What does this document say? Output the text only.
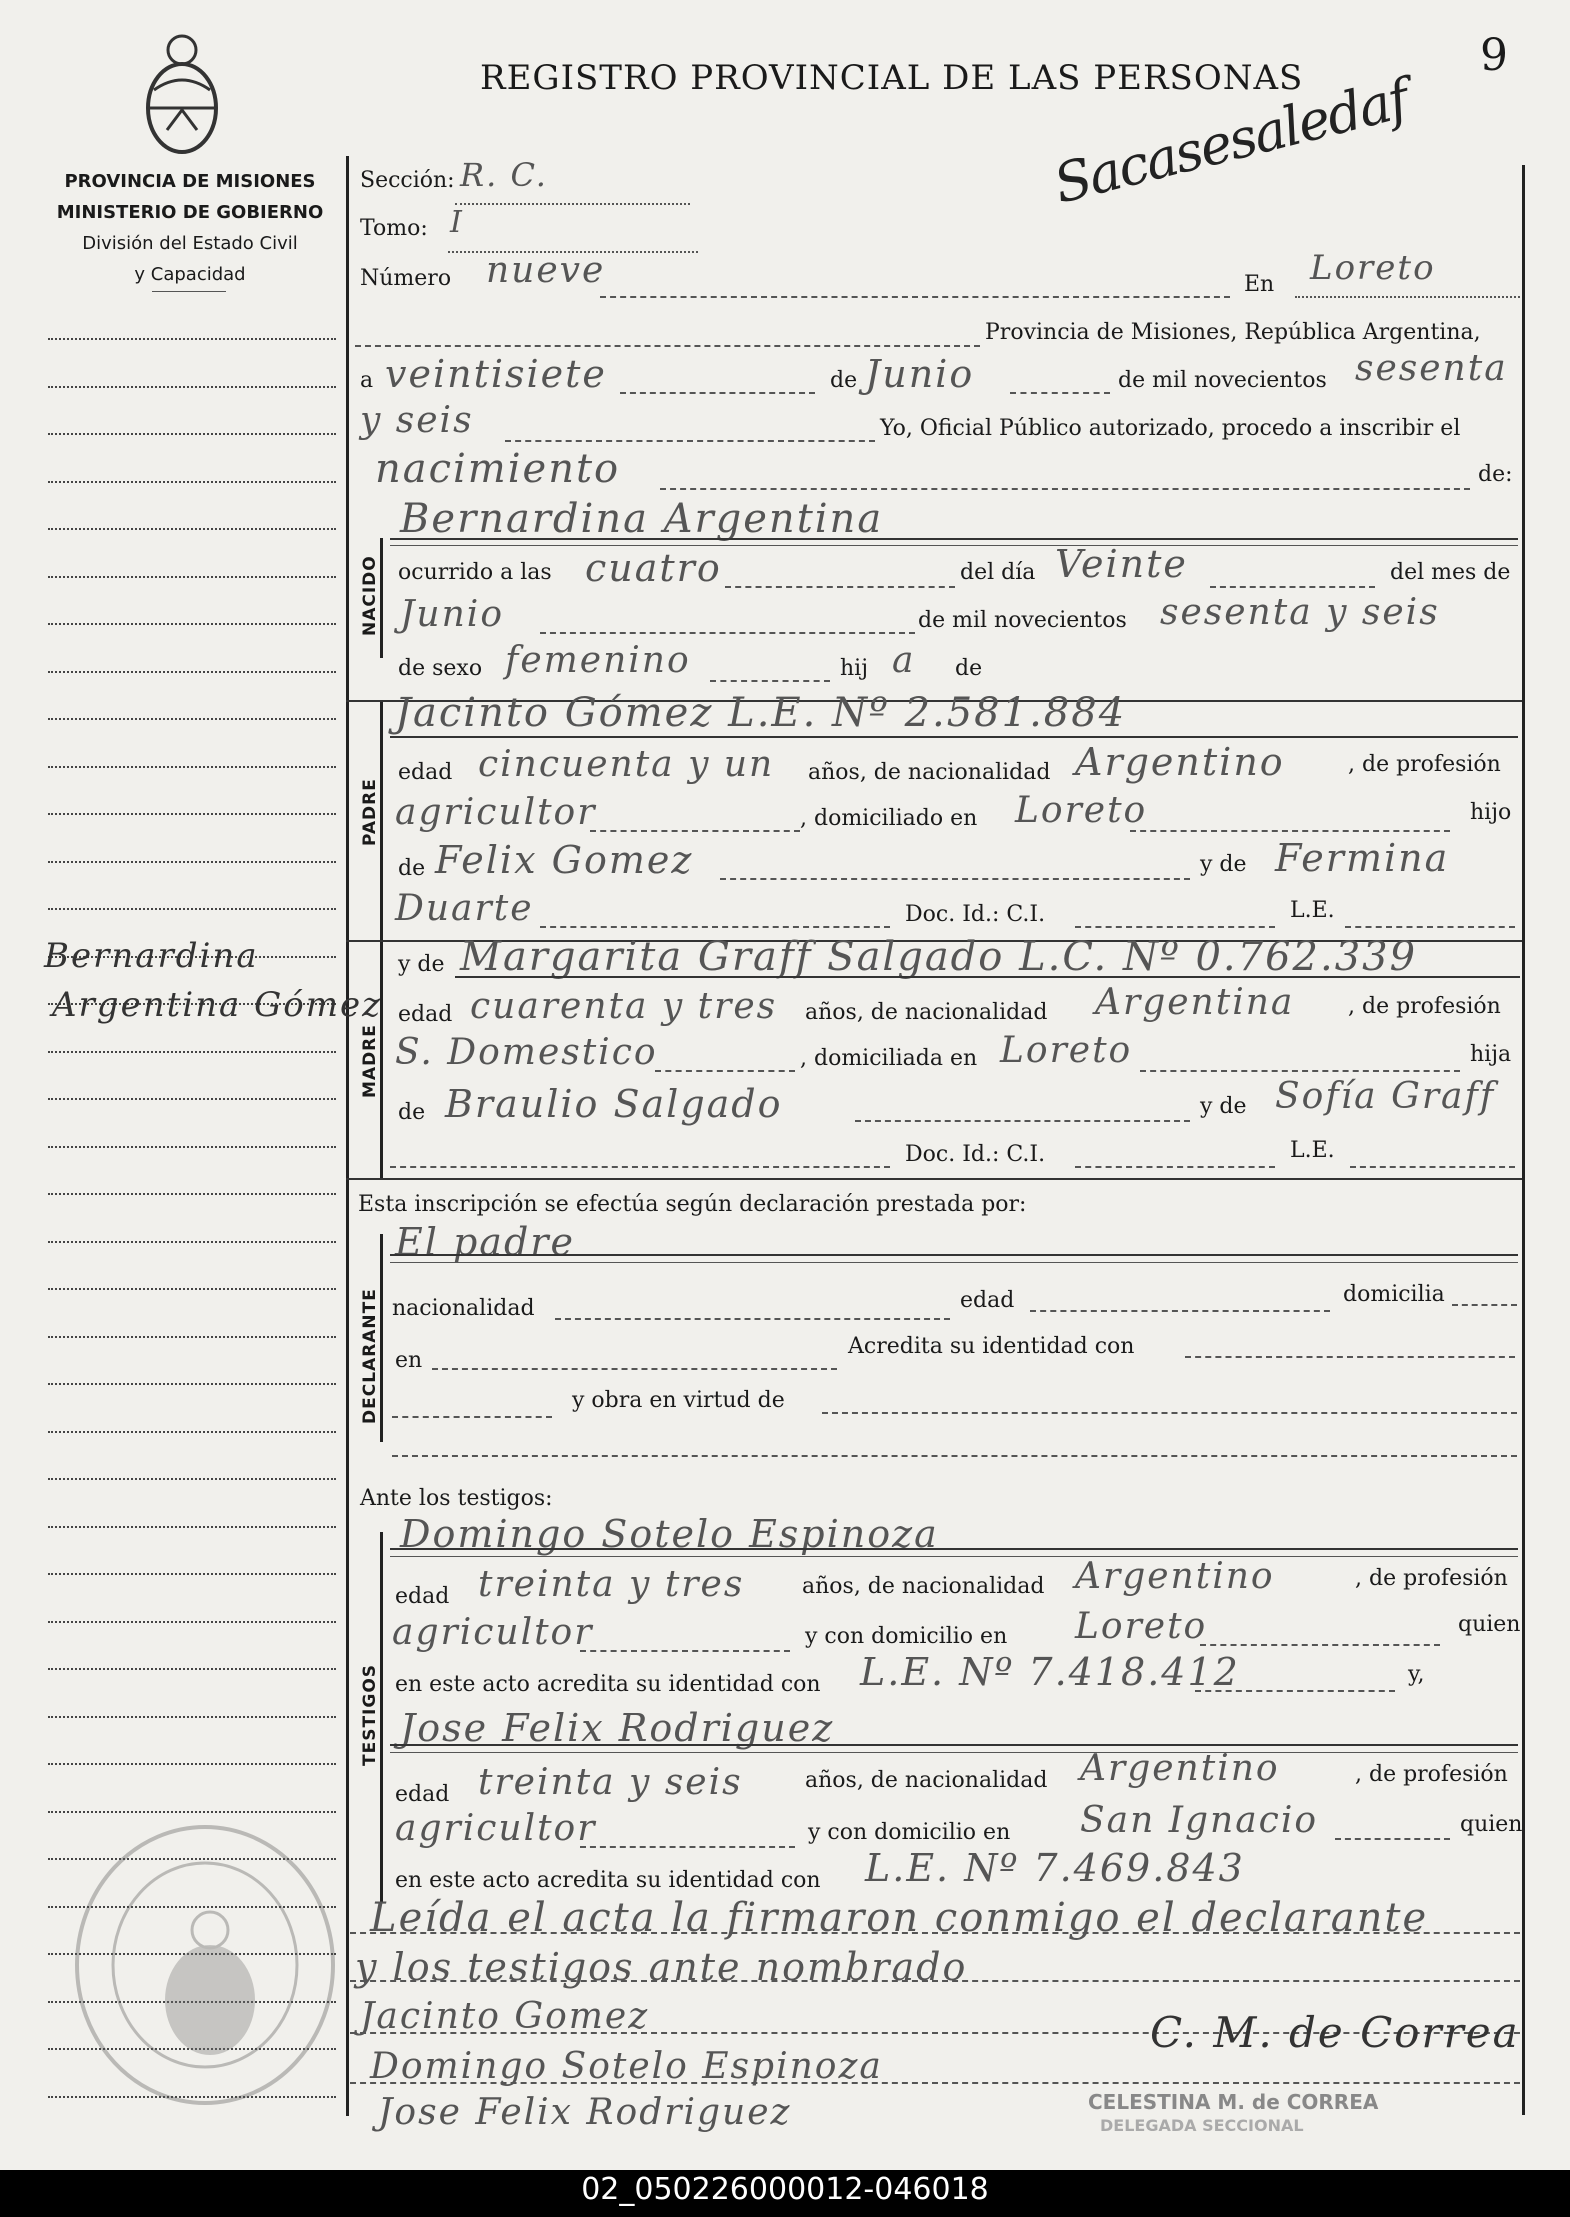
PROVINCIA DE MISIONES
MINISTERIO DE GOBIERNO
División del Estado Civil
y Capacidad
REGISTRO PROVINCIAL DE LAS PERSONAS	9
Sacasesaledaf
Bernardina
Argentina Gómez
Sección: R. C.
Tomo: I
Número nueve	En Loreto
Provincia de Misiones, República Argentina,
a veintisiete	de Junio	de mil novecientos sesenta
y seis	Yo, Oficial Público autorizado, procedo a inscribir el
nacimiento	de:
NACIDO
Bernardina Argentina
ocurrido a las cuatro	del día Veinte	del mes de
Junio	de mil novecientos sesenta y seis
de sexo femenino	hij a de
PADRE
Jacinto Gómez L.E. Nº 2.581.884
edad cincuenta y un años, de nacionalidad Argentino	, de profesión
agricultor	, domiciliado en Loreto	hijo
de Felix Gomez	y de Fermina
Duarte	Doc. Id.: C.I.	L.E.
MADRE
y de Margarita Graff Salgado L.C. Nº 0.762.339
edad cuarenta y tres años, de nacionalidad Argentina , de profesión
S. Domestico	, domiciliada en Loreto	hija
de Braulio Salgado	y de Sofía Graff
Doc. Id.: C.I.	L.E.
Esta inscripción se efectúa según declaración prestada por:
DECLARANTE
El padre
nacionalidad	edad	domicilia
en
Acredita su identidad con
y obra en virtud de
Ante los testigos:
TESTIGOS
Domingo Sotelo Espinoza
edad treinta y tres	años, de nacionalidad Argentino	, de profesión
agricultor	y con domicilio en Loreto	quien
en este acto acredita su identidad con L.E. Nº 7.418.412	y,
Jose Felix Rodriguez
edad treinta y seis	años, de nacionalidad Argentino	, de profesión
agricultor	y con domicilio en San Ignacio	quien
en este acto acredita su identidad con L.E. Nº 7.469.843
Leída el acta la firmaron conmigo el declarante
y los testigos ante nombrado
Jacinto Gomez
Domingo Sotelo Espinoza
Jose Felix Rodriguez
C. M. de Correa
CELESTINA M. de CORREA
DELEGADA SECCIONAL
02_050226000012-046018
